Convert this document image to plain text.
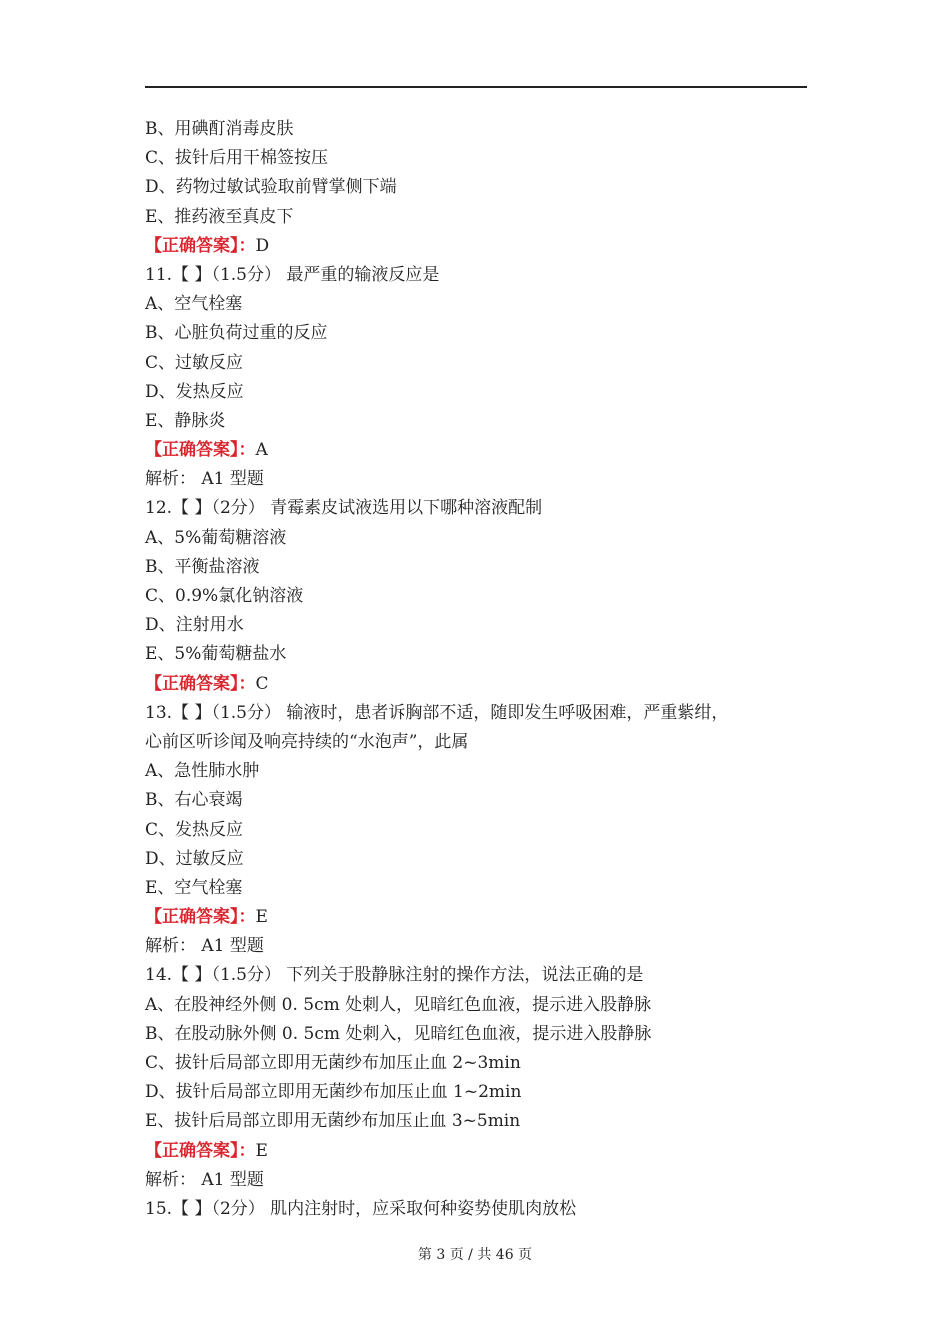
B、用碘酊消毒皮肤
C、拔针后用干棉签按压
D、药物过敏试验取前臂掌侧下端
E、推药液至真皮下
【正确答案】：D
11.【 】（1.5分） 最严重的输液反应是
A、空气栓塞
B、心脏负荷过重的反应
C、过敏反应
D、发热反应
E、静脉炎
【正确答案】：A
解析： A1 型题
12.【 】（2分） 青霉素皮试液选用以下哪种溶液配制
A、5%葡萄糖溶液
B、平衡盐溶液
C、0.9%氯化钠溶液
D、注射用水
E、5%葡萄糖盐水
【正确答案】：C
13.【 】（1.5分） 输液时，患者诉胸部不适，随即发生呼吸困难，严重紫绀，
心前区听诊闻及响亮持续的“水泡声”，此属
A、急性肺水肿
B、右心衰竭
C、发热反应
D、过敏反应
E、空气栓塞
【正确答案】：E
解析： A1 型题
14.【 】（1.5分） 下列关于股静脉注射的操作方法，说法正确的是
A、在股神经外侧 0. 5cm 处刺人，见暗红色血液，提示进入股静脉
B、在股动脉外侧 0. 5cm 处刺入，见暗红色血液，提示进入股静脉
C、拔针后局部立即用无菌纱布加压止血 2~3min
D、拔针后局部立即用无菌纱布加压止血 1~2min
E、拔针后局部立即用无菌纱布加压止血 3~5min
【正确答案】：E
解析： A1 型题
15.【 】（2分） 肌内注射时，应采取何种姿势使肌肉放松
第 3 页 / 共 46 页
